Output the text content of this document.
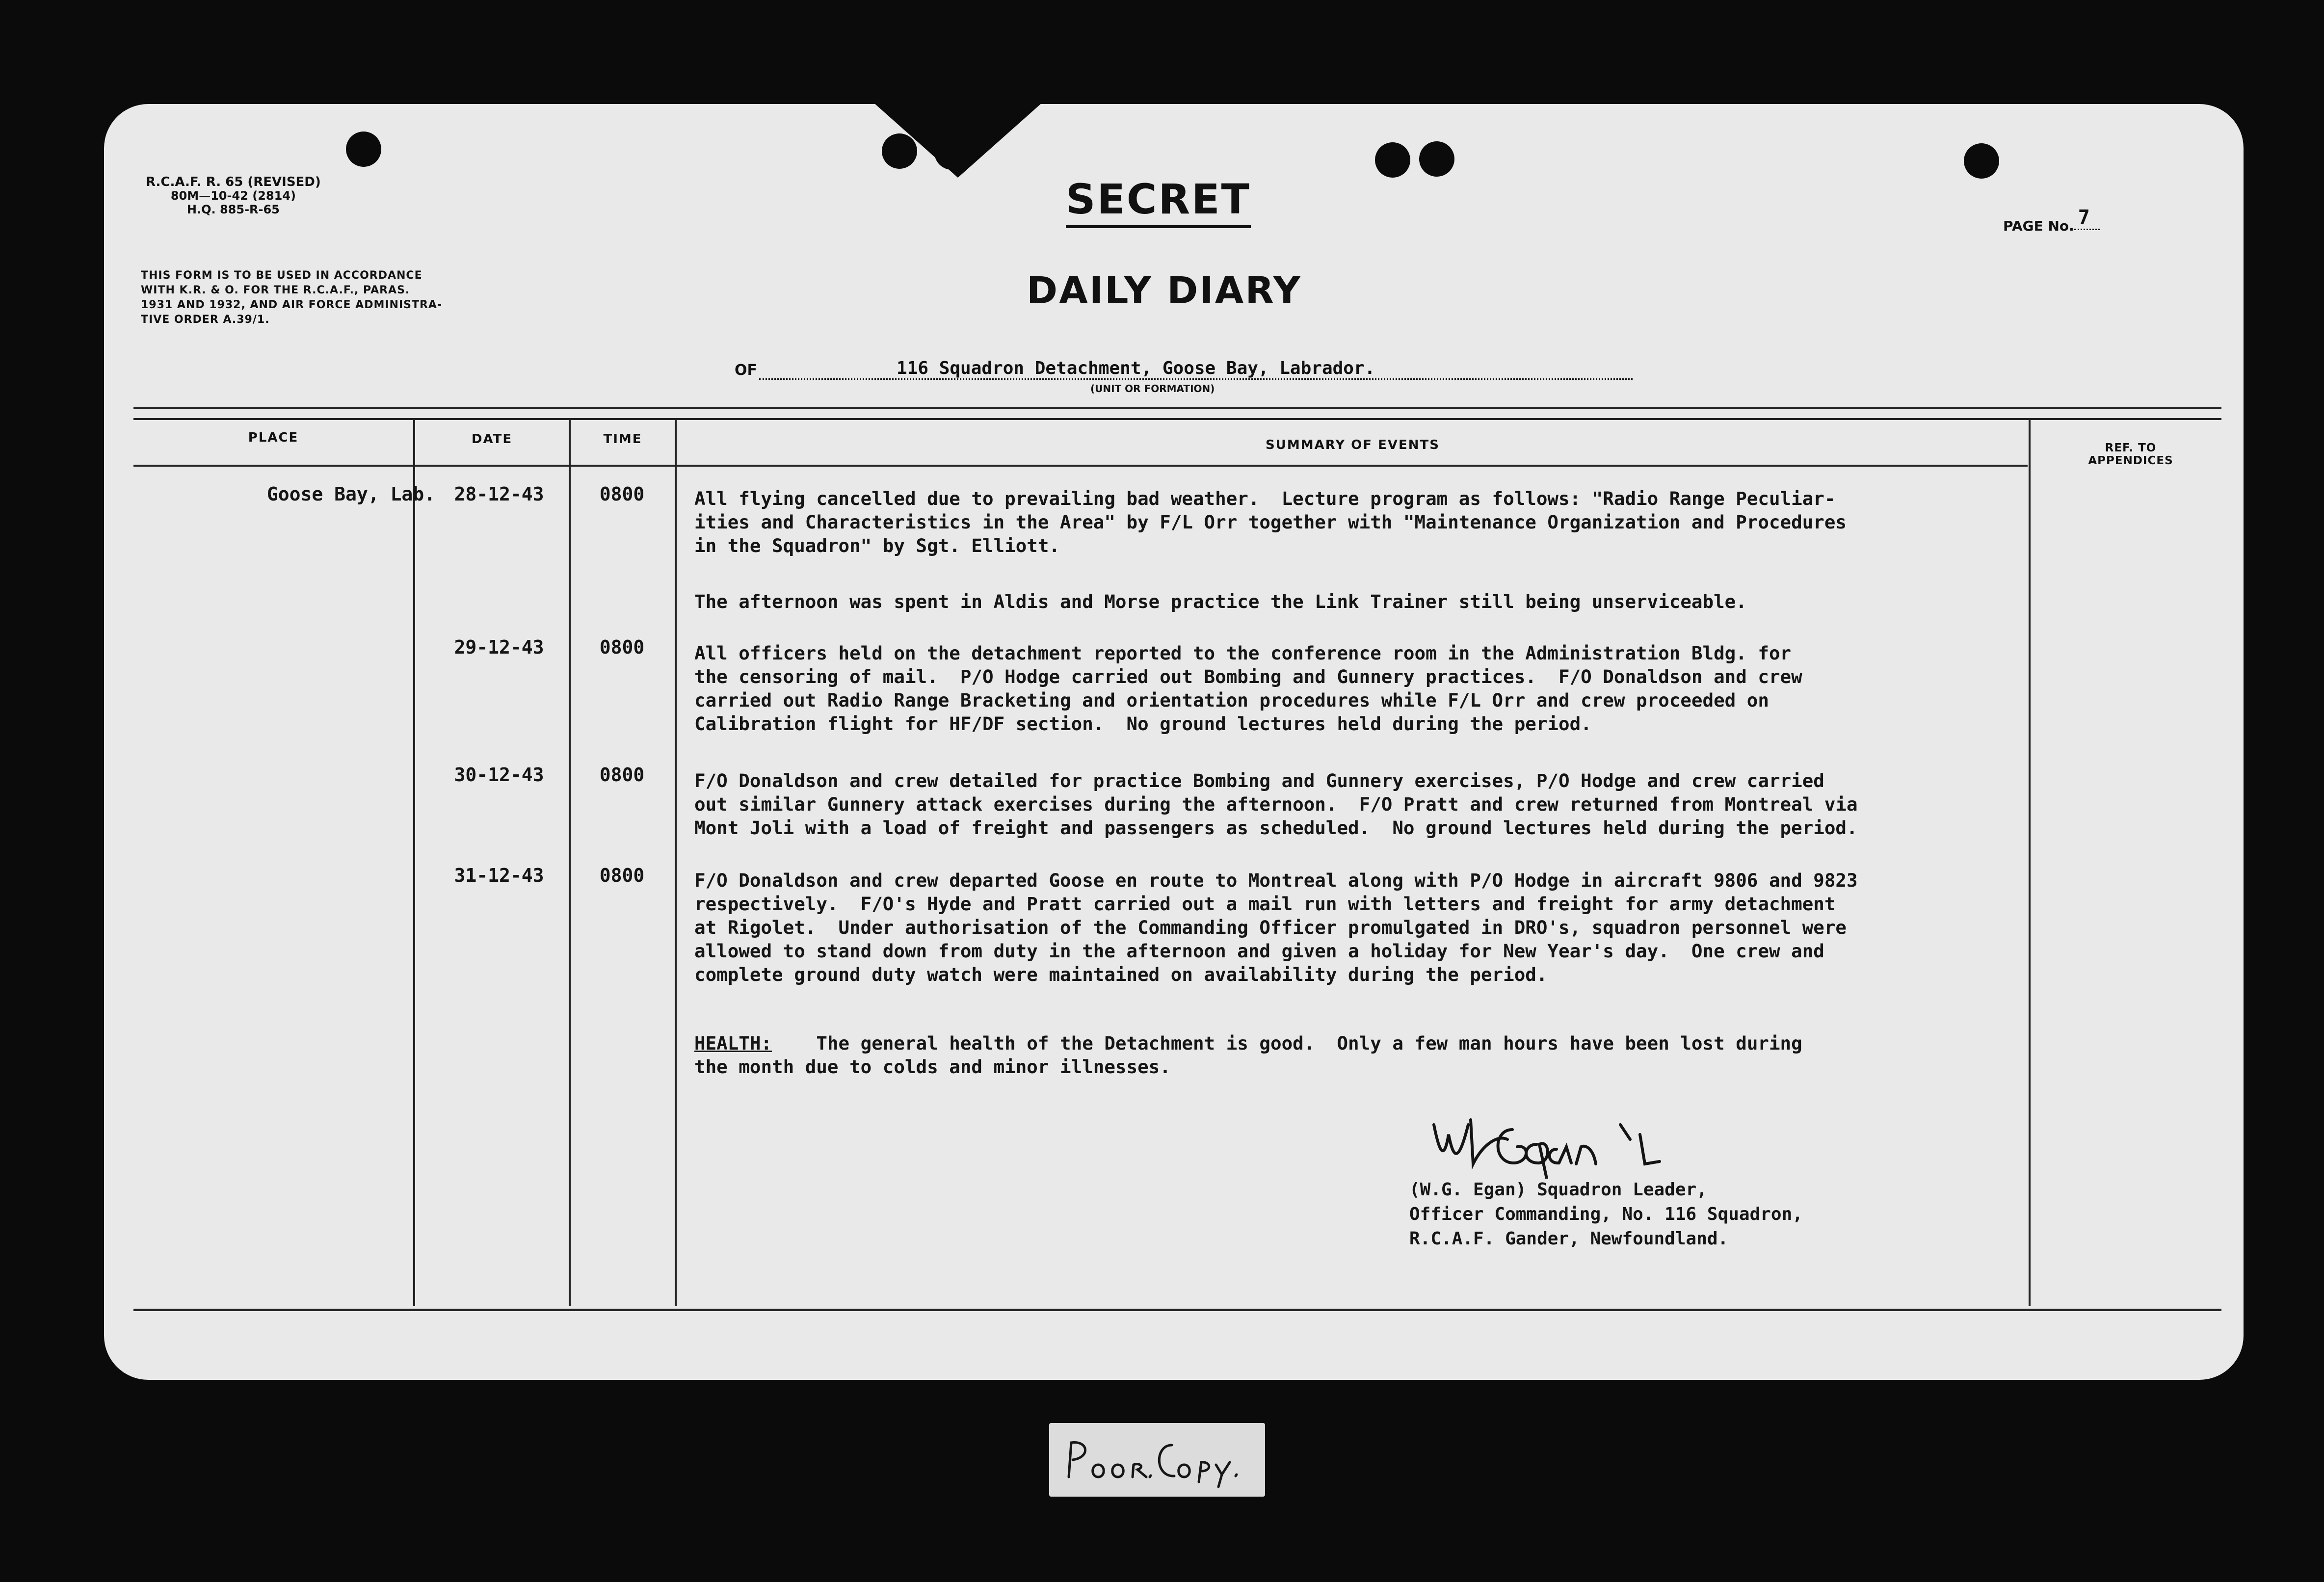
R.C.A.F. R. 65 (REVISED)
80M—10-42 (2814)
H.Q. 885-R-65
THIS FORM IS TO BE USED IN ACCORDANCE
WITH K.R. & O. FOR THE R.C.A.F., PARAS.
1931 AND 1932, AND AIR FORCE ADMINISTRA-
TIVE ORDER A.39/1.
SECRET
PAGE No. 7
DAILY DIARY
OF	116 Squadron Detachment, Goose Bay, Labrador.
(UNIT OR FORMATION)
PLACE	DATE	TIME	SUMMARY OF EVENTS	REF. TO
APPENDICES
Goose Bay, Lab.	28-12-43	0800	All flying cancelled due to prevailing bad weather.  Lecture program as follows: "Radio Range Peculiar-
ities and Characteristics in the Area" by F/L Orr together with "Maintenance Organization and Procedures
in the Squadron" by Sgt. Elliott.
The afternoon was spent in Aldis and Morse practice the Link Trainer still being unserviceable.
29-12-43	0800	All officers held on the detachment reported to the conference room in the Administration Bldg. for
the censoring of mail.  P/O Hodge carried out Bombing and Gunnery practices.  F/O Donaldson and crew
carried out Radio Range Bracketing and orientation procedures while F/L Orr and crew proceeded on
Calibration flight for HF/DF section.  No ground lectures held during the period.
30-12-43	0800	F/O Donaldson and crew detailed for practice Bombing and Gunnery exercises, P/O Hodge and crew carried
out similar Gunnery attack exercises during the afternoon.  F/O Pratt and crew returned from Montreal via
Mont Joli with a load of freight and passengers as scheduled.  No ground lectures held during the period.
31-12-43	0800	F/O Donaldson and crew departed Goose en route to Montreal along with P/O Hodge in aircraft 9806 and 9823
respectively.  F/O's Hyde and Pratt carried out a mail run with letters and freight for army detachment
at Rigolet.  Under authorisation of the Commanding Officer promulgated in DRO's, squadron personnel were
allowed to stand down from duty in the afternoon and given a holiday for New Year's day.  One crew and
complete ground duty watch were maintained on availability during the period.
HEALTH:    The general health of the Detachment is good.  Only a few man hours have been lost during
the month due to colds and minor illnesses.
(W.G. Egan) Squadron Leader,
Officer Commanding, No. 116 Squadron,
R.C.A.F. Gander, Newfoundland.
